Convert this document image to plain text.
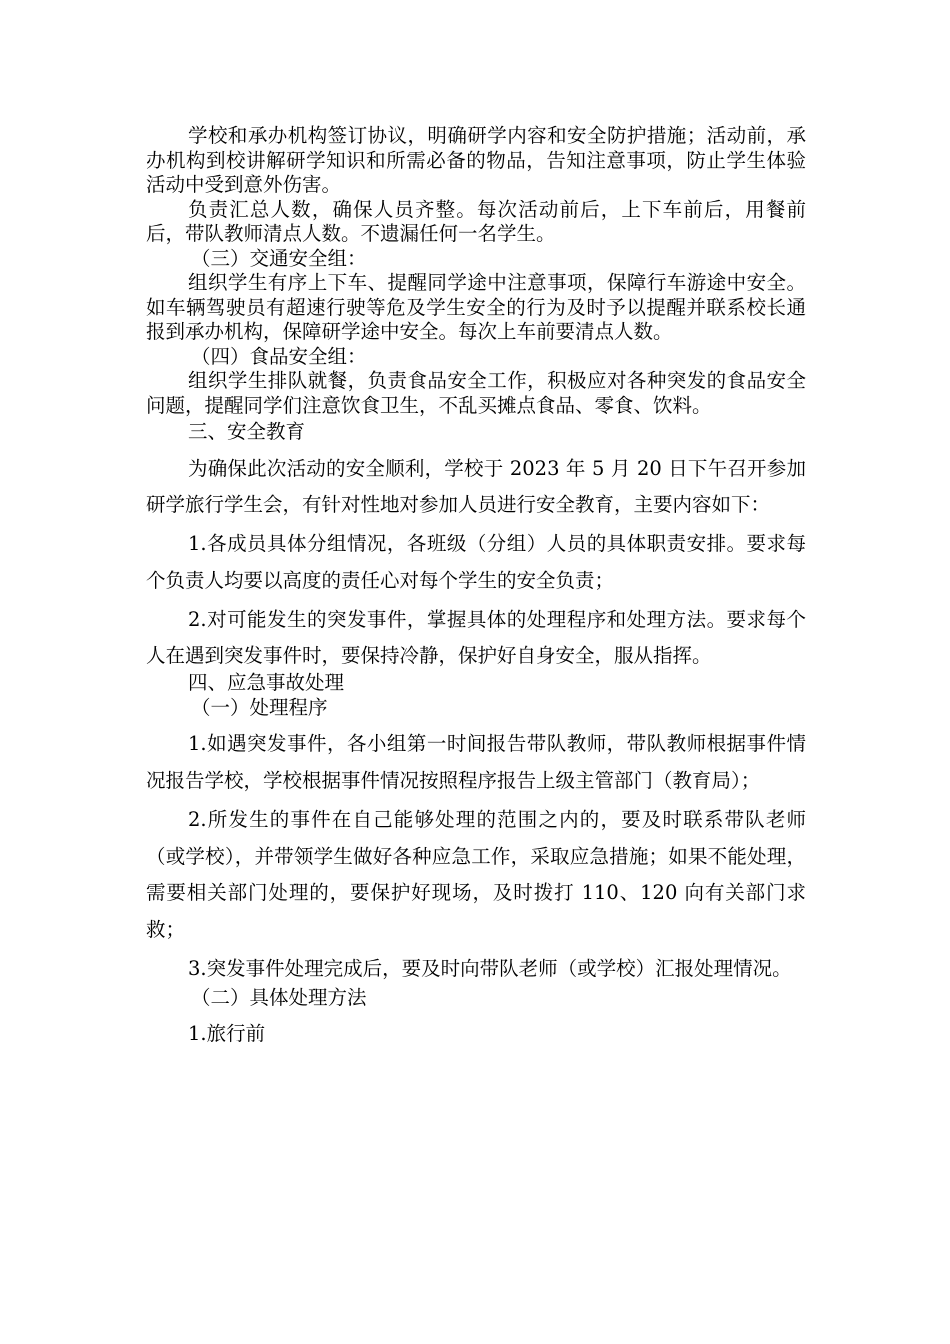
学校和承办机构签订协议，明确研学内容和安全防护措施；活动前，承办机构到校讲解研学知识和所需必备的物品，告知注意事项，防止学生体验活动中受到意外伤害。

负责汇总人数，确保人员齐整。每次活动前后，上下车前后，用餐前后，带队教师清点人数。不遗漏任何一名学生。

（三）交通安全组：

组织学生有序上下车、提醒同学途中注意事项，保障行车游途中安全。如车辆驾驶员有超速行驶等危及学生安全的行为及时予以提醒并联系校长通报到承办机构，保障研学途中安全。每次上车前要清点人数。

（四）食品安全组：

组织学生排队就餐，负责食品安全工作，积极应对各种突发的食品安全问题，提醒同学们注意饮食卫生，不乱买摊点食品、零食、饮料。

三、安全教育

为确保此次活动的安全顺利，学校于 2023 年 5 月 20 日下午召开参加研学旅行学生会，有针对性地对参加人员进行安全教育，主要内容如下：

1.各成员具体分组情况，各班级（分组）人员的具体职责安排。要求每个负责人均要以高度的责任心对每个学生的安全负责；

2.对可能发生的突发事件，掌握具体的处理程序和处理方法。要求每个人在遇到突发事件时，要保持冷静，保护好自身安全，服从指挥。

四、应急事故处理

（一）处理程序

1.如遇突发事件，各小组第一时间报告带队教师，带队教师根据事件情况报告学校，学校根据事件情况按照程序报告上级主管部门（教育局）；

2.所发生的事件在自己能够处理的范围之内的，要及时联系带队老师（或学校），并带领学生做好各种应急工作，采取应急措施；如果不能处理，需要相关部门处理的，要保护好现场，及时拨打 110、120 向有关部门求救；

3.突发事件处理完成后，要及时向带队老师（或学校）汇报处理情况。

（二）具体处理方法

1.旅行前
